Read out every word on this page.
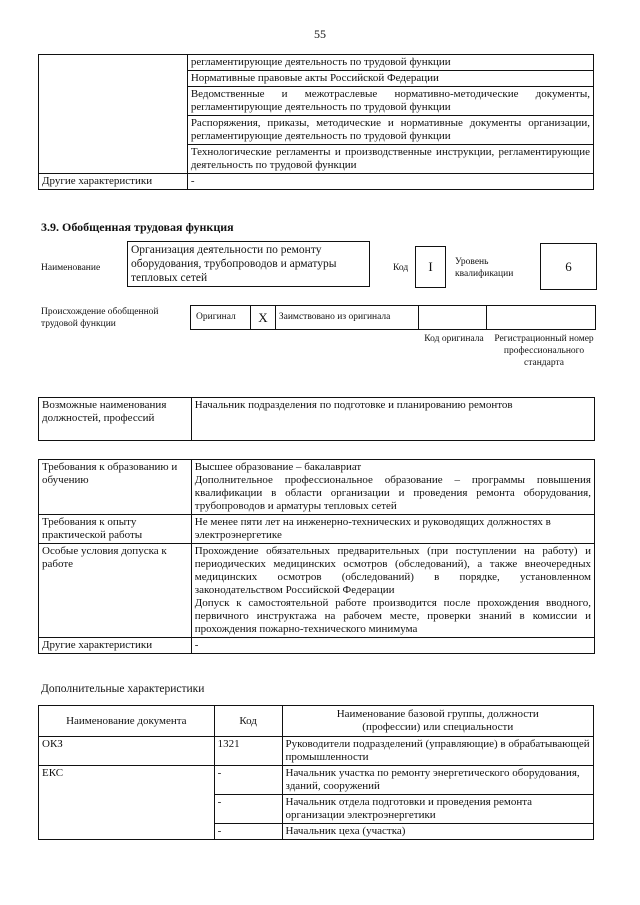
55
	регламентирующие деятельность по трудовой функции
	Нормативные правовые акты Российской Федерации
	Ведомственные и межотраслевые нормативно-методические документы, регламентирующие деятельность по трудовой функции
	Распоряжения, приказы, методические и нормативные документы организации, регламентирующие деятельность по трудовой функции
	Технологические регламенты и производственные инструкции, регламентирующие деятельность по трудовой функции
Другие характеристики	-
3.9. Обобщенная трудовая функция
Наименование
Организация деятельности по ремонту оборудования, трубопроводов и арматуры тепловых сетей
Код	I	Уровень квалификации	6
Происхождение обобщенной трудовой функции
Оригинал	X	Заимствовано из оригинала		
Код оригинала	Регистрационный номер профессионального стандарта
Возможные наименования должностей, профессий	Начальник подразделения по подготовке и планированию ремонтов
Требования к образованию и обучению	Высшее образование – бакалавриат
Дополнительное профессиональное образование – программы повышения квалификации в области организации и проведения ремонта оборудования, трубопроводов и арматуры тепловых сетей

Требования к опыту практической работы	Не менее пяти лет на инженерно-технических и руководящих должностях в электроэнергетике
Особые условия допуска к работе	Прохождение обязательных предварительных (при поступлении на работу) и периодических медицинских осмотров (обследований), а также внеочередных медицинских осмотров (обследований) в порядке, установленном законодательством Российской Федерации
Допуск к самостоятельной работе производится после прохождения вводного, первичного инструктажа на рабочем месте, проверки знаний в комиссии и прохождения пожарно-технического минимума

Другие характеристики	-
Дополнительные характеристики
Наименование документа	Код	Наименование базовой группы, должности (профессии) или специальности
ОКЗ	1321	Руководители подразделений (управляющие) в обрабатывающей промышленности
ЕКС	-	Начальник участка по ремонту энергетического оборудования, зданий, сооружений
	-	Начальник отдела подготовки и проведения ремонта организации электроэнергетики
	-	Начальник цеха (участка)
